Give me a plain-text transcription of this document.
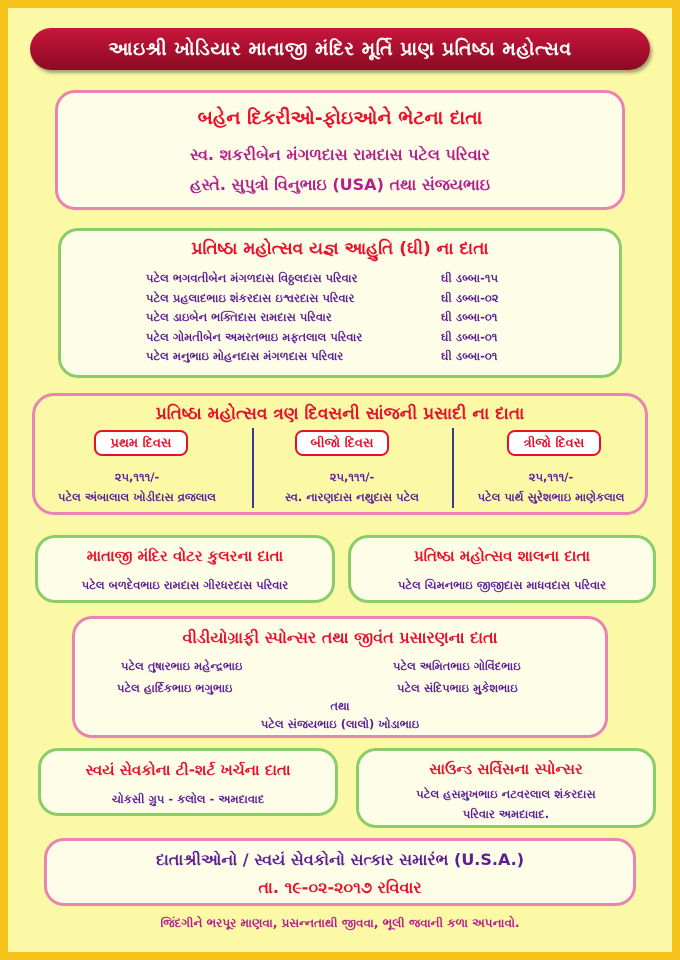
આઇશ્રી ખોડિયાર માતાજી મંદિર મૂર્તિ પ્રાણ પ્રતિષ્ઠા મહોત્સવ
બહેન દિકરીઓ-ફોઇઓને ભેટના દાતા
સ્વ. શકરીબેન મંગળદાસ રામદાસ પટેલ પરિવાર
હસ્તે. સુપુત્રો વિનુભાઇ (USA) તથા સંજયભાઇ
પ્રતિષ્ઠા મહોત્સવ યજ્ઞ આહુતિ (ઘી) ના દાતા
પટેલ ભગવતીબેન મંગળદાસ વિઠ્ઠલદાસ પરિવાર
પટેલ પ્રહલાદભાઇ શંકરદાસ ઇશ્વરદાસ પરિવાર
પટેલ ડાઇબેન ભક્તિદાસ રામદાસ પરિવાર
પટેલ ગોમતીબેન અમરતભાઇ મફતલાલ પરિવાર
પટેલ મનુભાઇ મોહનદાસ મંગળદાસ પરિવાર
ઘી ડબ્બા-૧૫
ઘી ડબ્બા-૦૨
ઘી ડબ્બા-૦૧
ઘી ડબ્બા-૦૧
ઘી ડબ્બા-૦૧
પ્રતિષ્ઠા મહોત્સવ ત્રણ દિવસની સાંજની પ્રસાદી ના દાતા
પ્રથમ દિવસ
૨૫,૧૧૧/-
પટેલ અંબાલાલ ખોડીદાસ વ્રજલાલ
બીજો દિવસ
૨૫,૧૧૧/-
સ્વ. નારણદાસ નથુદાસ પટેલ
ત્રીજો દિવસ
૨૫,૧૧૧/-
પટેલ પાર્થ સુરેશભાઇ માણેકલાલ
માતાજી મંદિર વોટર કુલરના દાતા
પટેલ બળદેવભાઇ રામદાસ ગીરધરદાસ પરિવાર
પ્રતિષ્ઠા મહોત્સવ શાલના દાતા
પટેલ ચિમનભાઇ જીજીદાસ માધવદાસ પરિવાર
વીડીયોગ્રાફી સ્પોન્સર તથા જીવંત પ્રસારણના દાતા
પટેલ તુષારભાઇ મહેન્દ્રભાઇ	પટેલ અમિતભાઇ ગોવિંદભાઇ
પટેલ હાર્દિકભાઇ ભગુભાઇ	પટેલ સંદિપભાઇ મુકેશભાઇ
તથા
પટેલ સંજયભાઇ (લાલો) ખોડાભાઇ
સ્વયં સેવકોના ટી-શર્ટ ખર્ચના દાતા
ચોકસી ગ્રુપ - કલોલ - અમદાવાદ
સાઉન્ડ સર્વિસના સ્પોન્સર
પટેલ હસમુખભાઇ નટવરલાલ શંકરદાસ
પરિવાર અમદાવાદ.
દાતાશ્રીઓનો / સ્વયં સેવકોનો સત્કાર સમારંભ (U.S.A.)
તા. ૧૯-૦૨-૨૦૧૭ રવિવાર
જિંદગીને ભરપૂર માણવા, પ્રસન્નતાથી જીવવા, ભૂલી જવાની કળા અપનાવો.
